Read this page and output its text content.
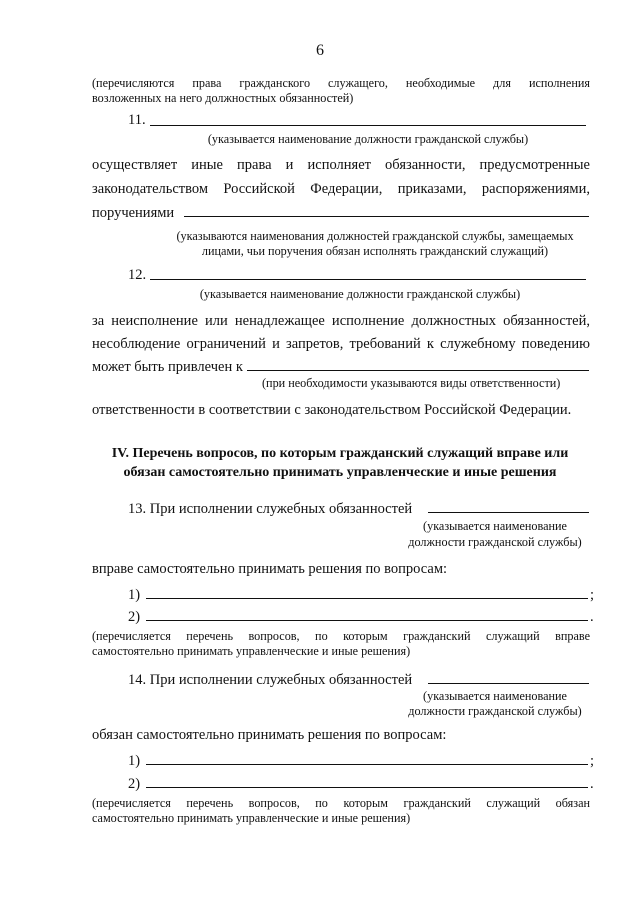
6
(перечисляются права гражданского служащего, необходимые для исполнения
возложенных на него должностных обязанностей)
11.
(указывается наименование должности гражданской службы)
осуществляет иные права и исполняет обязанности, предусмотренные
законодательством Российской Федерации, приказами, распоряжениями,
поручениями
(указываются наименования должностей гражданской службы, замещаемых
лицами, чьи поручения обязан исполнять гражданский служащий)
12.
(указывается наименование должности гражданской службы)
за неисполнение или ненадлежащее исполнение должностных обязанностей,
несоблюдение ограничений и запретов, требований к служебному поведению
может быть привлечен к
(при необходимости указываются виды ответственности)
ответственности в соответствии с законодательством Российской Федерации.
IV. Перечень вопросов, по которым гражданский служащий вправе или
обязан самостоятельно принимать управленческие и иные решения
13. При исполнении служебных обязанностей
(указывается наименование
должности гражданской службы)
вправе самостоятельно принимать решения по вопросам:
1)	;
2)	.
(перечисляется перечень вопросов, по которым гражданский служащий вправе
самостоятельно принимать управленческие и иные решения)
14. При исполнении служебных обязанностей
(указывается наименование
должности гражданской службы)
обязан самостоятельно принимать решения по вопросам:
1)	;
2)	.
(перечисляется перечень вопросов, по которым гражданский служащий обязан
самостоятельно принимать управленческие и иные решения)
